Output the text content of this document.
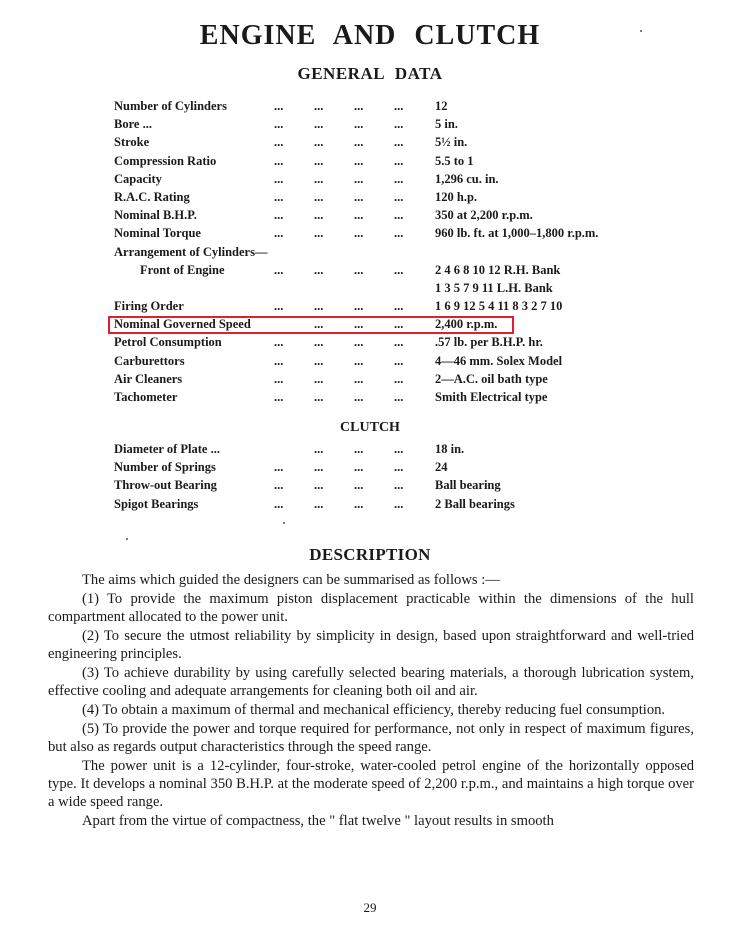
ENGINE AND CLUTCH
GENERAL DATA
Number of Cylinders	... ... ... ...	12
Bore ...	... ... ... ...	5 in.
Stroke	... ... ... ...	5½ in.
Compression Ratio	... ... ... ...	5.5 to 1
Capacity	... ... ... ...	1,296 cu. in.
R.A.C. Rating	... ... ... ...	120 h.p.
Nominal B.H.P.	... ... ... ...	350 at 2,200 r.p.m.
Nominal Torque	... ... ... ...	960 lb. ft. at 1,000–1,800 r.p.m.
Arrangement of Cylinders—
Front of Engine	... ... ... ...	2 4 6 8 10 12 R.H. Bank
1 3 5 7 9 11 L.H. Bank
Firing Order	... ... ... ...	1 6 9 12 5 4 11 8 3 2 7 10
Nominal Governed Speed	... ... ...	2,400 r.p.m.
Petrol Consumption	... ... ... ...	.57 lb. per B.H.P. hr.
Carburettors	... ... ... ...	4—46 mm. Solex Model
Air Cleaners	... ... ... ...	2—A.C. oil bath type
Tachometer	... ... ... ...	Smith Electrical type
CLUTCH
Diameter of Plate ...	... ... ...	18 in.
Number of Springs	... ... ... ...	24
Throw-out Bearing	... ... ... ...	Ball bearing
Spigot Bearings	... ... ... ...	2 Ball bearings
DESCRIPTION

The aims which guided the designers can be summarised as follows :—

(1) To provide the maximum piston displacement practicable within the dimensions of the hull compartment allocated to the power unit.

(2) To secure the utmost reliability by simplicity in design, based upon straightforward and well-tried engineering principles.

(3) To achieve durability by using carefully selected bearing materials, a thorough lubrication system, effective cooling and adequate arrangements for cleaning both oil and air.

(4) To obtain a maximum of thermal and mechanical efficiency, thereby reducing fuel consumption.

(5) To provide the power and torque required for performance, not only in respect of maximum figures, but also as regards output characteristics through the speed range.

The power unit is a 12-cylinder, four-stroke, water-cooled petrol engine of the horizontally opposed type. It develops a nominal 350 B.H.P. at the moderate speed of 2,200 r.p.m., and maintains a high torque over a wide speed range.

Apart from the virtue of compactness, the " flat twelve " layout results in smooth

29
